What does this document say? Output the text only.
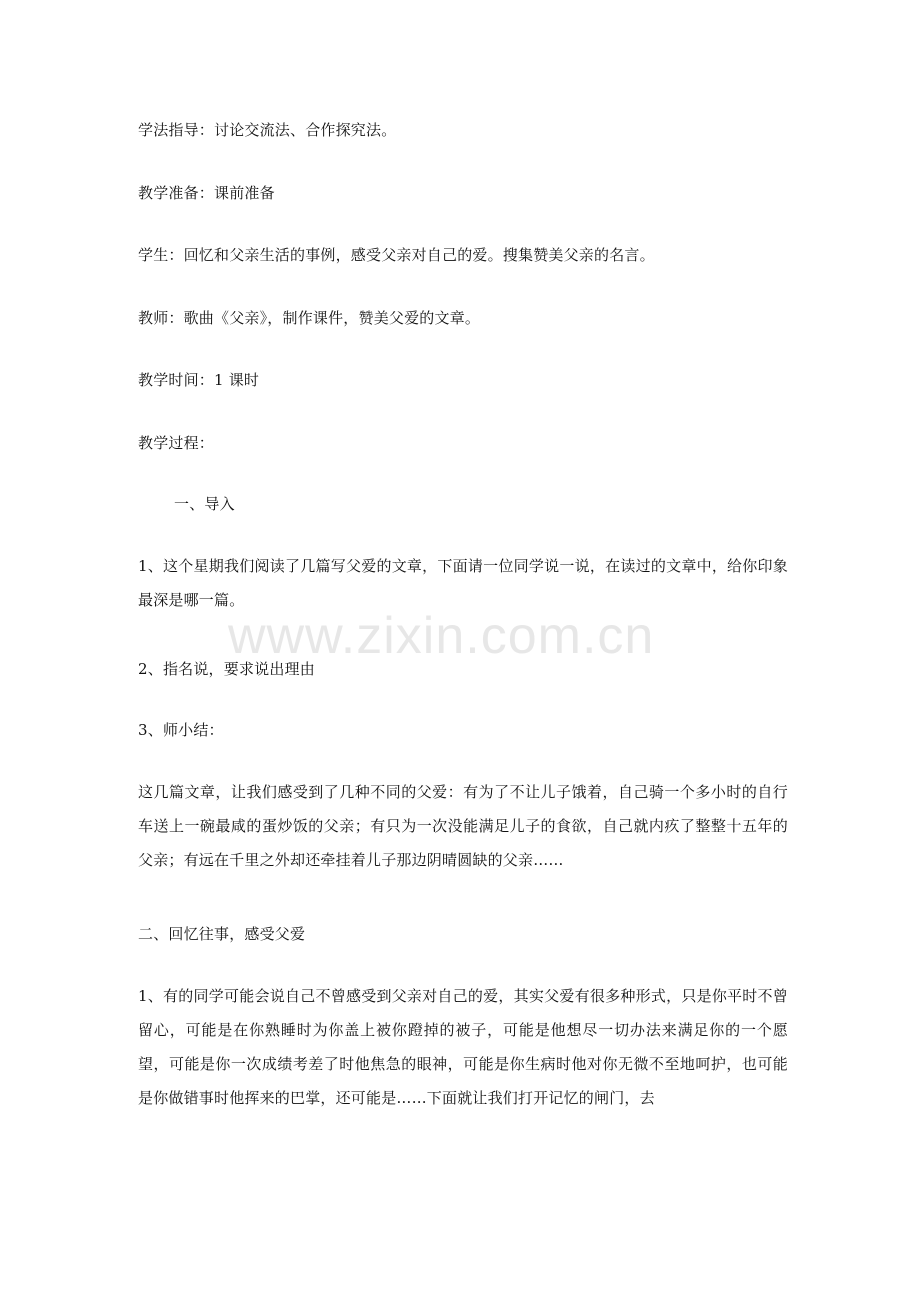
学法指导：讨论交流法、合作探究法。
教学准备：课前准备
学生：回忆和父亲生活的事例，感受父亲对自己的爱。搜集赞美父亲的名言。
教师：歌曲《父亲》，制作课件，赞美父爱的文章。
教学时间：1 课时
教学过程：
一、导入
1、这个星期我们阅读了几篇写父爱的文章，下面请一位同学说一说，在读过的文章中，给你印象最深是哪一篇。
2、指名说，要求说出理由
3、师小结：
这几篇文章，让我们感受到了几种不同的父爱：有为了不让儿子饿着，自己骑一个多小时的自行车送上一碗最咸的蛋炒饭的父亲；有只为一次没能满足儿子的食欲，自己就内疚了整整十五年的父亲；有远在千里之外却还牵挂着儿子那边阴晴圆缺的父亲……
二、回忆往事，感受父爱
1、有的同学可能会说自己不曾感受到父亲对自己的爱，其实父爱有很多种形式，只是你平时不曾留心，可能是在你熟睡时为你盖上被你蹬掉的被子，可能是他想尽一切办法来满足你的一个愿望，可能是你一次成绩考差了时他焦急的眼神，可能是你生病时他对你无微不至地呵护，也可能是你做错事时他挥来的巴掌，还可能是……下面就让我们打开记忆的闸门，去
www.zixin.com.cn
